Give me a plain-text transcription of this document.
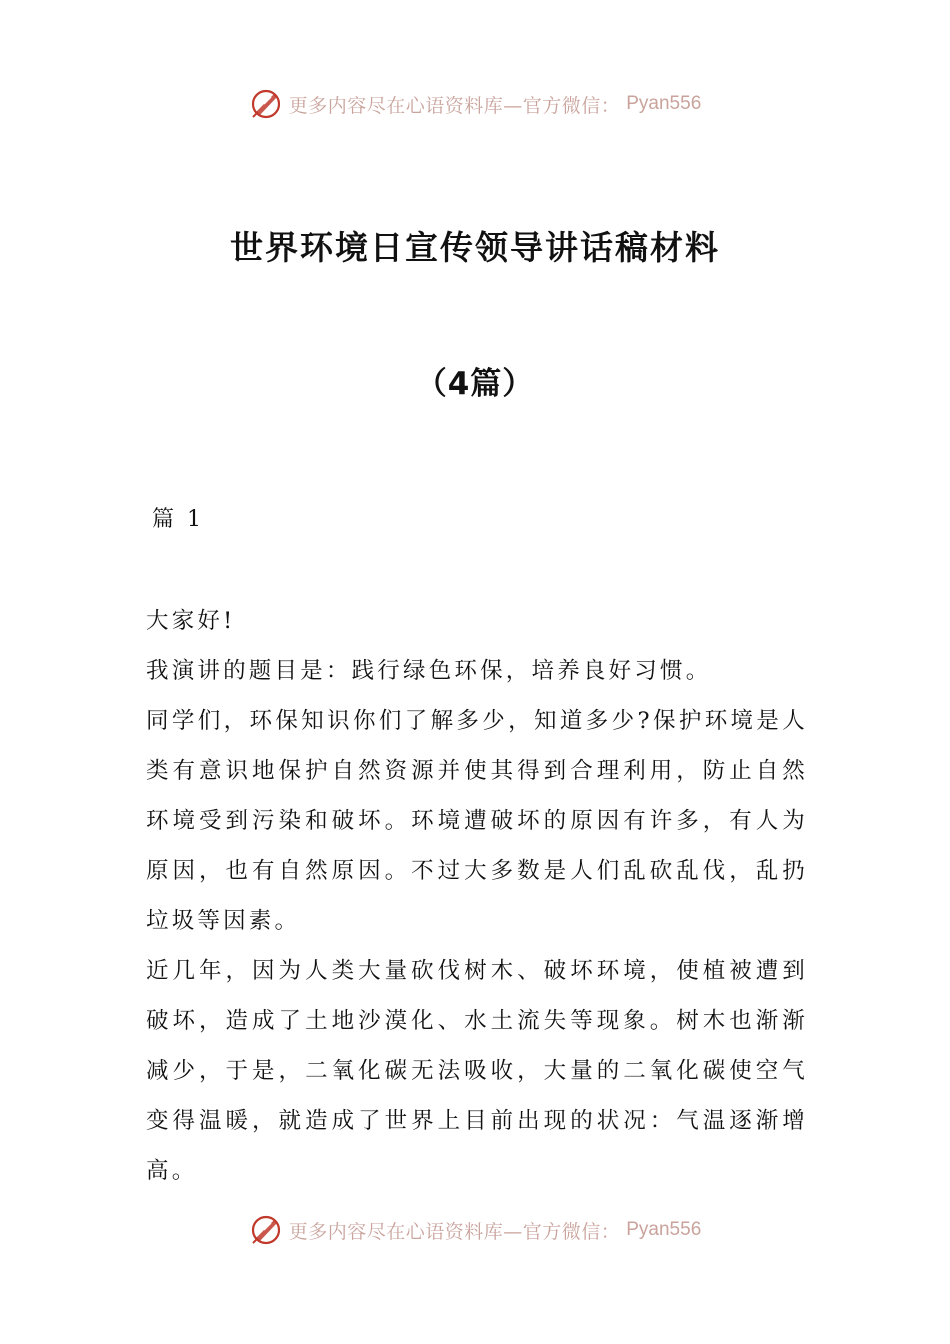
更多内容尽在心语资料库—官方微信： Pyan556
世界环境日宣传领导讲话稿材料
（4篇）
篇 1

大家好!

我演讲的题目是：践行绿色环保，培养良好习惯。

同学们，环保知识你们了解多少，知道多少?保护环境是人类有意识地保护自然资源并使其得到合理利用，防止自然环境受到污染和破坏。环境遭破坏的原因有许多，有人为原因，也有自然原因。不过大多数是人们乱砍乱伐，乱扔垃圾等因素。

近几年，因为人类大量砍伐树木、破坏环境，使植被遭到破坏，造成了土地沙漠化、水土流失等现象。树木也渐渐减少，于是，二氧化碳无法吸收，大量的二氧化碳使空气变得温暖，就造成了世界上目前出现的状况：气温逐渐增高。

更多内容尽在心语资料库—官方微信： Pyan556
